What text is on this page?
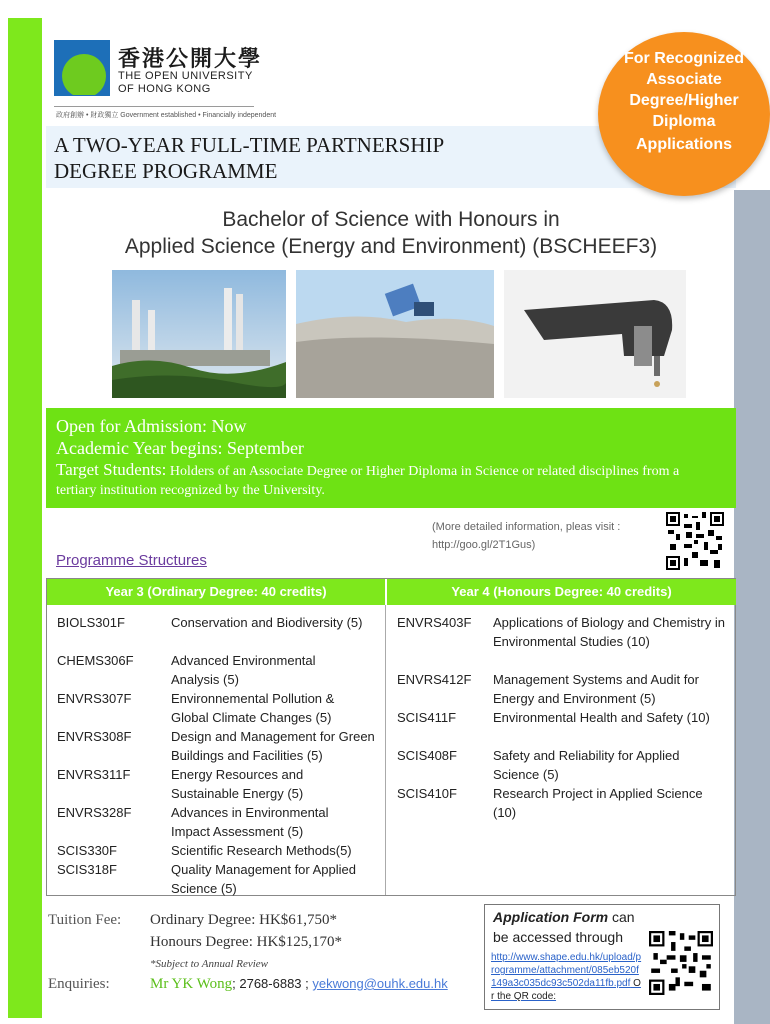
香港公開大學
THE OPEN UNIVERSITY
OF HONG KONG
政府創辦 • 財政獨立 Government established • Financially independent
A TWO-YEAR FULL-TIME PARTNERSHIP
DEGREE PROGRAMME
For Recognized Associate Degree/Higher Diploma
Applications
Bachelor of Science with Honours in
Applied Science (Energy and Environment) (BSCHEEF3)
Open for Admission: Now
Academic Year begins: September
Target Students: Holders of an Associate Degree or Higher Diploma in Science or related disciplines from a tertiary institution recognized by the University.
(More detailed information, pleas visit :
http://goo.gl/2T1Gus)
Programme Structures
Year 3 (Ordinary Degree: 40 credits)	Year 4 (Honours Degree: 40 credits)
BIOLS301F	Conservation and Biodiversity (5)
CHEMS306F	Advanced Environmental Analysis (5)
ENVRS307F	Environnemental Pollution & Global Climate Changes (5)
ENVRS308F	Design and Management for Green Buildings and Facilities (5)
ENVRS311F	Energy Resources and Sustainable Energy (5)
ENVRS328F	Advances in Environmental Impact Assessment (5)
SCIS330F	Scientific Research Methods(5)
SCIS318F	Quality Management for Applied Science (5)
ENVRS403F Applications of Biology and Chemistry in Environmental Studies (10)
ENVRS412F Management Systems and Audit for Energy and Environment (5)
SCIS411F	Environmental Health and Safety (10)
SCIS408F	Safety and Reliability for Applied Science (5)
SCIS410F	Research Project in Applied Science (10)
Tuition Fee: Ordinary Degree: HK$61,750*
Honours Degree: HK$125,170*
*Subject to Annual Review
Enquiries:	Mr YK Wong; 2768-6883 ; yekwong@ouhk.edu.hk
Application Form can
be accessed through
http://www.shape.edu.hk/upload/programme/attachment/085eb520f149a3c035dc93c502da11fb.pdf Or the QR code:
